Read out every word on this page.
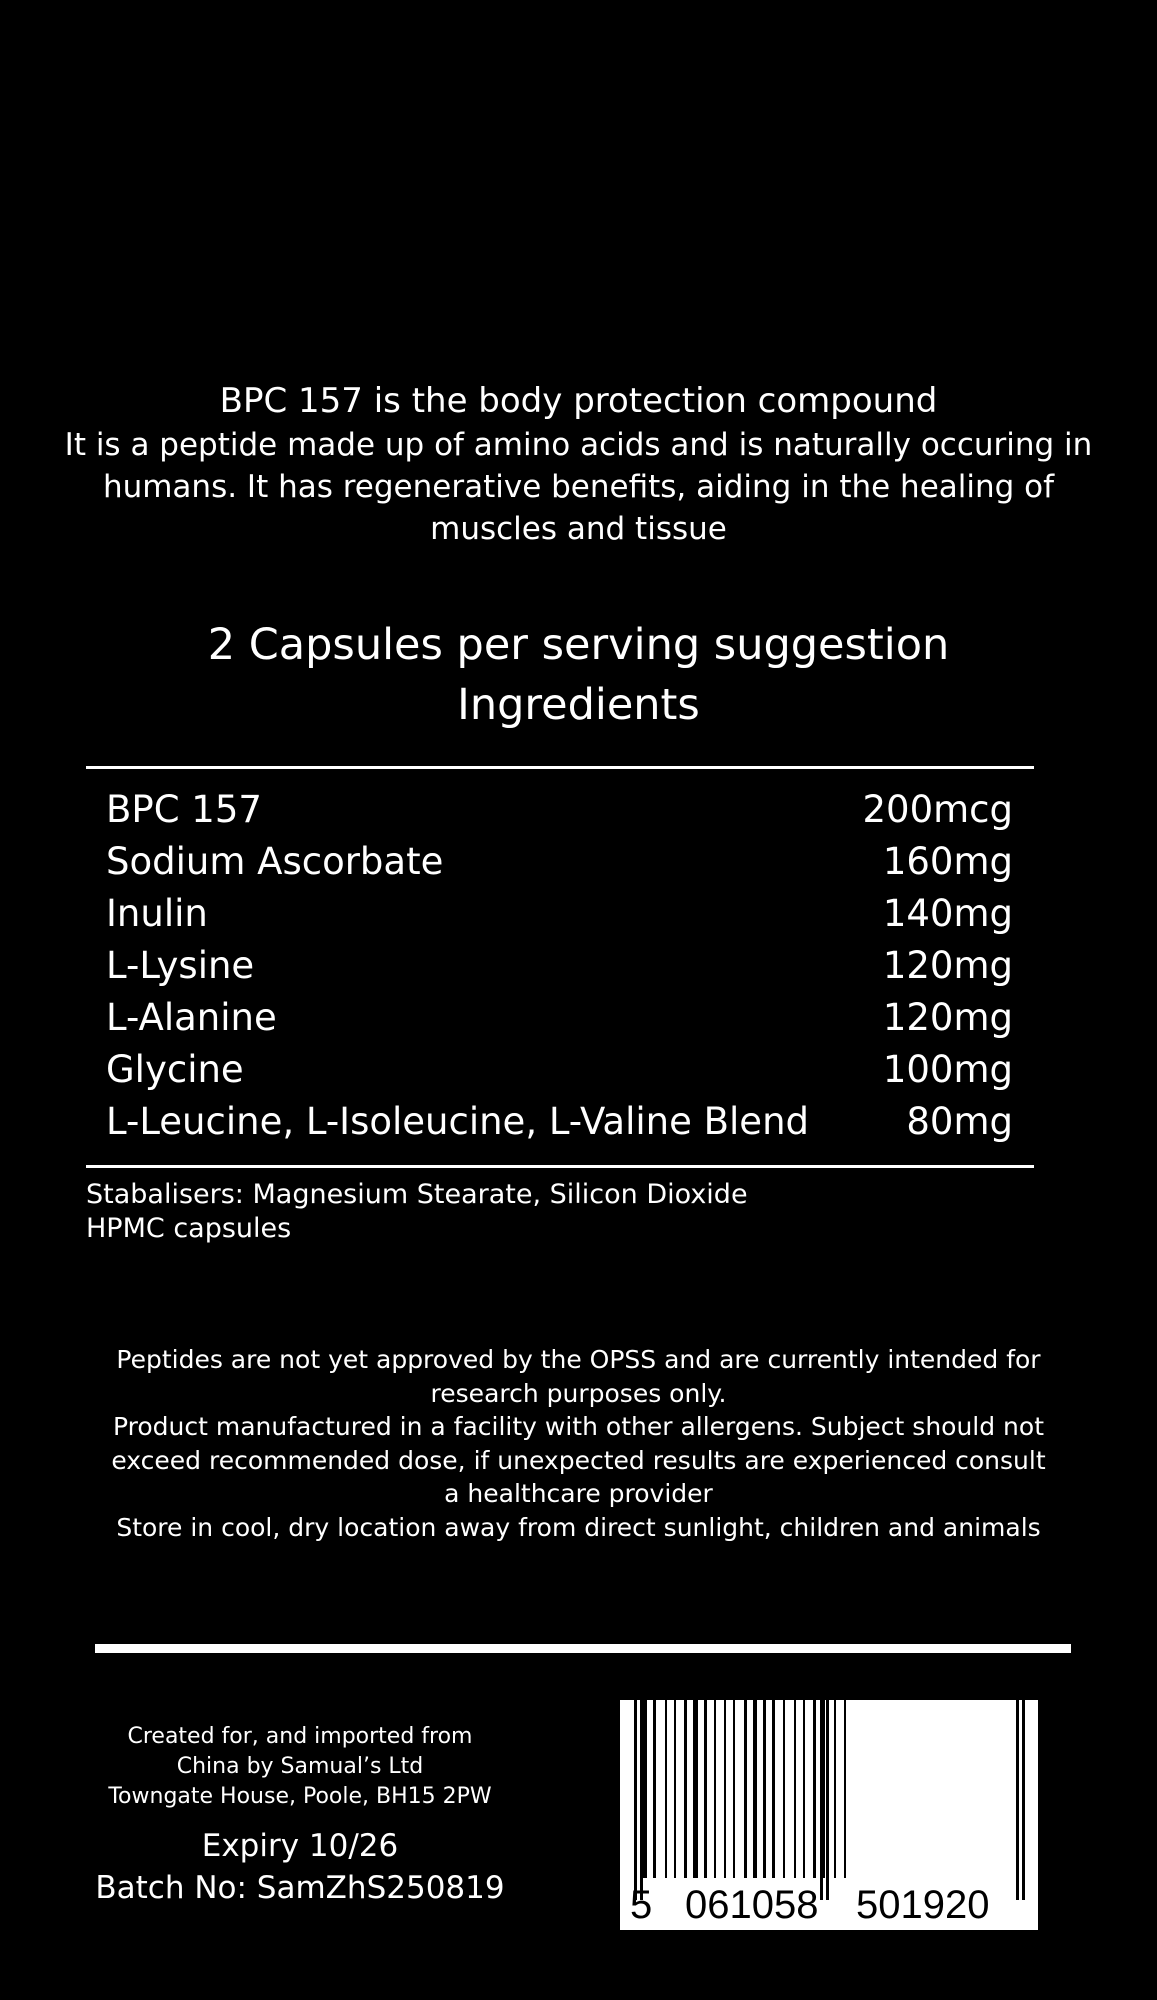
BPC 157 is the body protection compound
It is a peptide made up of amino acids and is naturally occuring in humans. It has regenerative benefits, aiding in the healing of muscles and tissue
2 Capsules per serving suggestion
Ingredients
BPC 157	200mcg
Sodium Ascorbate	160mg
Inulin	140mg
L-Lysine	120mg
L-Alanine	120mg
Glycine	100mg
L-Leucine, L-Isoleucine, L-Valine Blend	80mg
Stabalisers: Magnesium Stearate, Silicon Dioxide
HPMC capsules
Peptides are not yet approved by the OPSS and are currently intended for research purposes only.
Product manufactured in a facility with other allergens. Subject should not exceed recommended dose, if unexpected results are experienced consult a healthcare provider
Store in cool, dry location away from direct sunlight, children and animals
Created for, and imported from
China by Samual’s Ltd
Towngate House, Poole, BH15 2PW
Expiry 10/26
Batch No: SamZhS250819	5 061058 501920
